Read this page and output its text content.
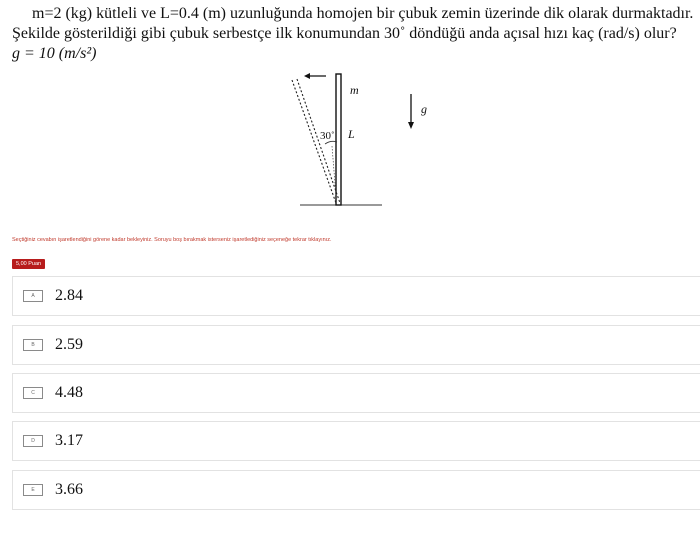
m=2 (kg) kütleli ve L=0.4 (m) uzunluğunda homojen bir çubuk zemin üzerinde dik olarak durmaktadır.
Şekilde gösterildiği gibi çubuk serbestçe ilk konumundan 30˚ döndüğü anda açısal hızı kaç (rad/s) olur?
g = 10 (m/s²)
30˚ L
m
g⃗
Seçtiğiniz cevabın işaretlendiğini görene kadar bekleyiniz. Soruyu boş bırakmak isterseniz işaretlediğiniz seçeneğe tekrar tıklayınız.
5,00 Puan
A	2.84
B	2.59
C	4.48
D	3.17
E	3.66
